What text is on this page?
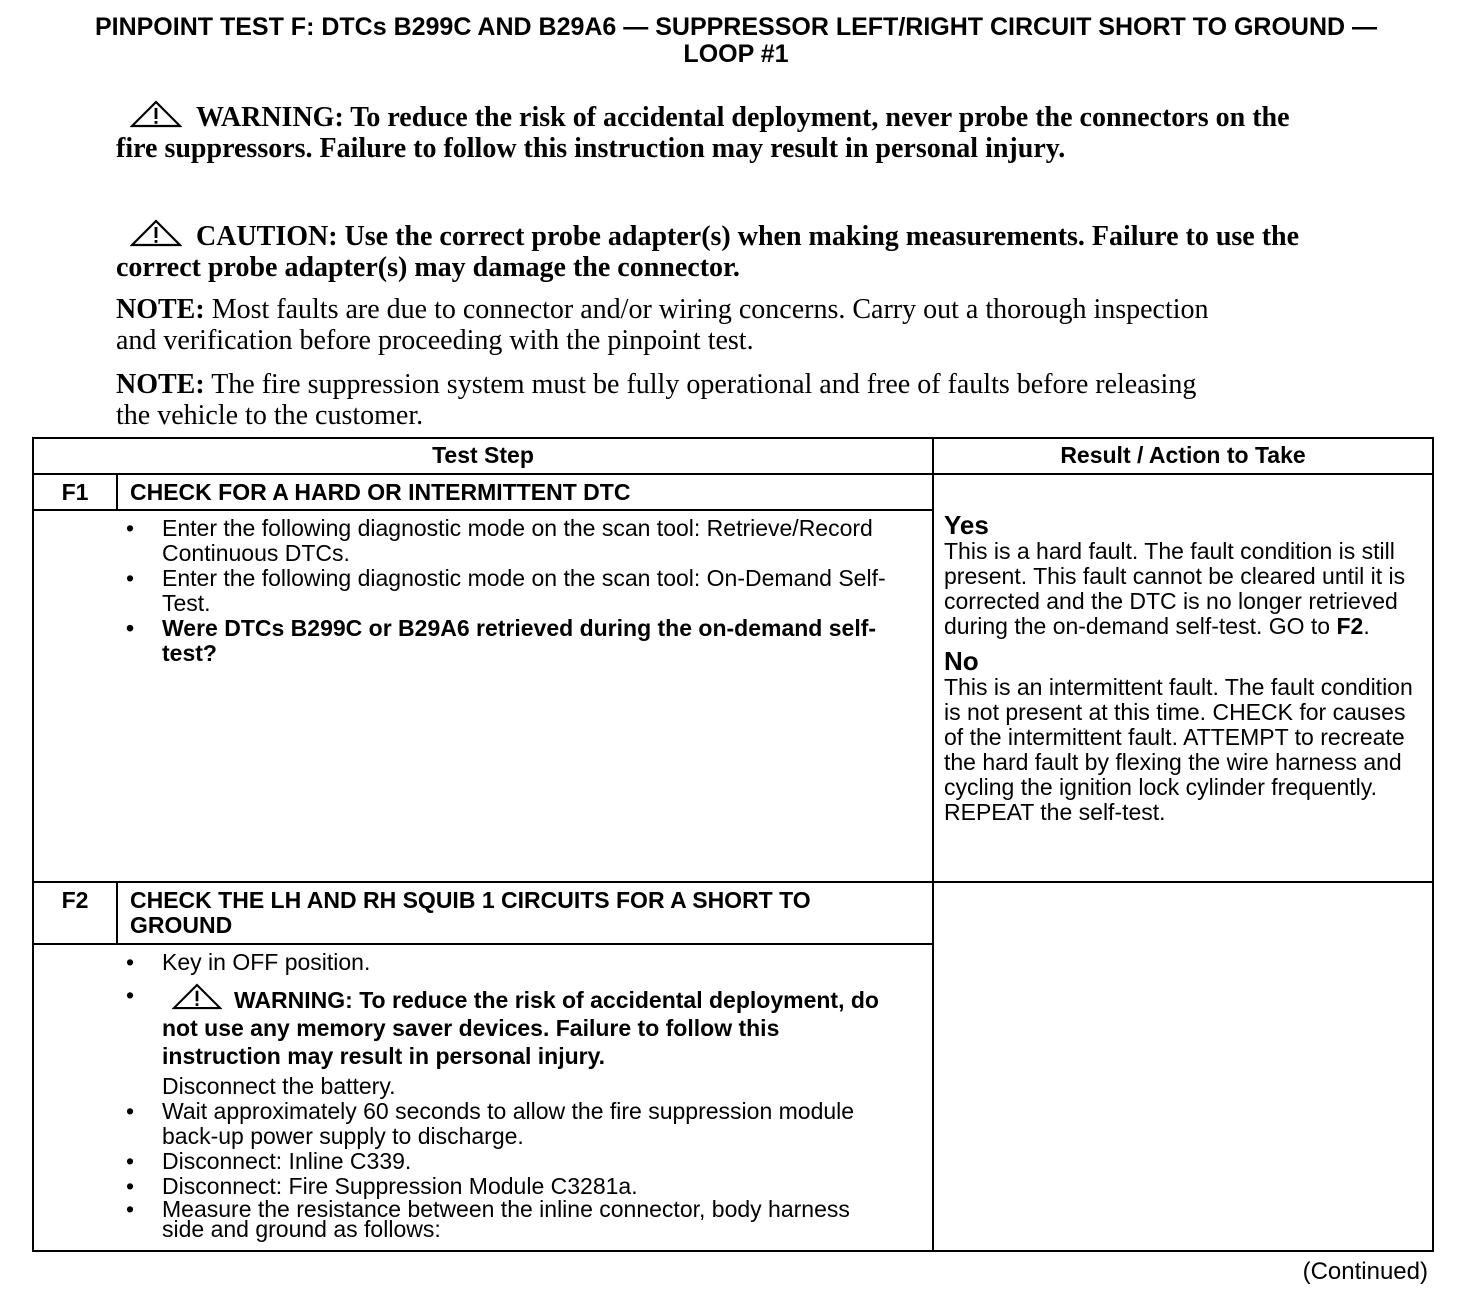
PINPOINT TEST F: DTCs B299C AND B29A6 — SUPPRESSOR LEFT/RIGHT CIRCUIT SHORT TO GROUND — LOOP #1
WARNING: To reduce the risk of accidental deployment, never probe the connectors on the fire suppressors. Failure to follow this instruction may result in personal injury.
CAUTION: Use the correct probe adapter(s) when making measurements. Failure to use the correct probe adapter(s) may damage the connector.
NOTE: Most faults are due to connector and/or wiring concerns. Carry out a thorough inspection and verification before proceeding with the pinpoint test.
NOTE: The fire suppression system must be fully operational and free of faults before releasing the vehicle to the customer.
Test Step	Result / Action to Take
F1	CHECK FOR A HARD OR INTERMITTENT DTC
• Enter the following diagnostic mode on the scan tool: Retrieve/Record Continuous DTCs.
• Enter the following diagnostic mode on the scan tool: On-Demand Self-Test.
• Were DTCs B299C or B29A6 retrieved during the on-demand self-test?
Yes
This is a hard fault. The fault condition is still present. This fault cannot be cleared until it is corrected and the DTC is no longer retrieved during the on-demand self-test. GO to F2.
No
This is an intermittent fault. The fault condition is not present at this time. CHECK for causes of the intermittent fault. ATTEMPT to recreate the hard fault by flexing the wire harness and cycling the ignition lock cylinder frequently. REPEAT the self-test.
F2	CHECK THE LH AND RH SQUIB 1 CIRCUITS FOR A SHORT TO GROUND
• Key in OFF position.
• WARNING: To reduce the risk of accidental deployment, do not use any memory saver devices. Failure to follow this instruction may result in personal injury.
Disconnect the battery.
• Wait approximately 60 seconds to allow the fire suppression module back-up power supply to discharge.
• Disconnect: Inline C339.
• Disconnect: Fire Suppression Module C3281a.
• Measure the resistance between the inline connector, body harness side and ground as follows:
(Continued)
